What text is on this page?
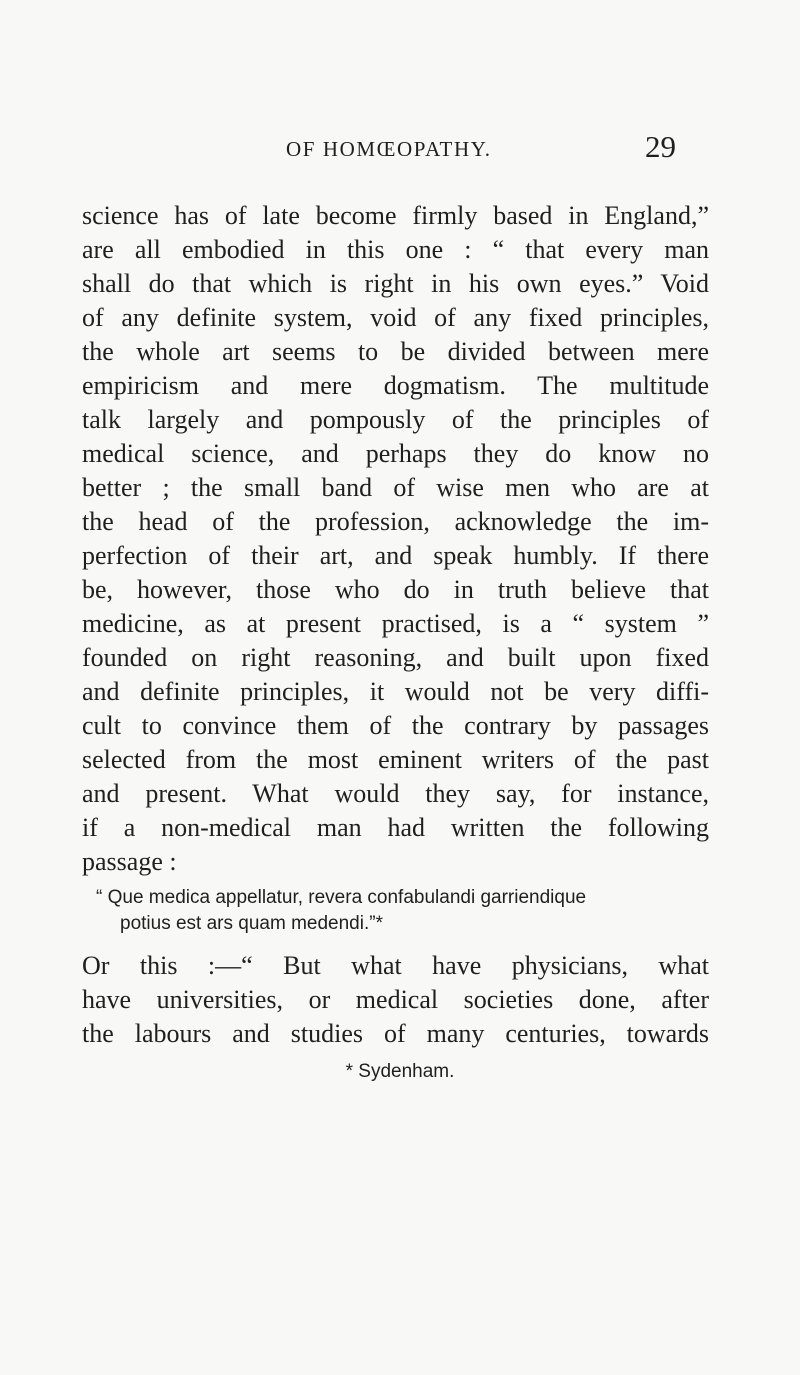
OF HOMŒOPATHY.	29
science has of late become firmly based in England,”
are all embodied in this one : “ that every man
shall do that which is right in his own eyes.” Void
of any definite system, void of any fixed principles,
the whole art seems to be divided between mere
empiricism and mere dogmatism. The multitude
talk largely and pompously of the principles of
medical science, and perhaps they do know no
better ; the small band of wise men who are at
the head of the profession, acknowledge the im-
perfection of their art, and speak humbly. If there
be, however, those who do in truth believe that
medicine, as at present practised, is a “ system ”
founded on right reasoning, and built upon fixed
and definite principles, it would not be very diffi-
cult to convince them of the contrary by passages
selected from the most eminent writers of the past
and present. What would they say, for instance,
if a non-medical man had written the following
passage :
“ Que medica appellatur, revera confabulandi garriendique
potius est ars quam medendi.”*
Or this :—“ But what have physicians, what
have universities, or medical societies done, after
the labours and studies of many centuries, towards
* Sydenham.
